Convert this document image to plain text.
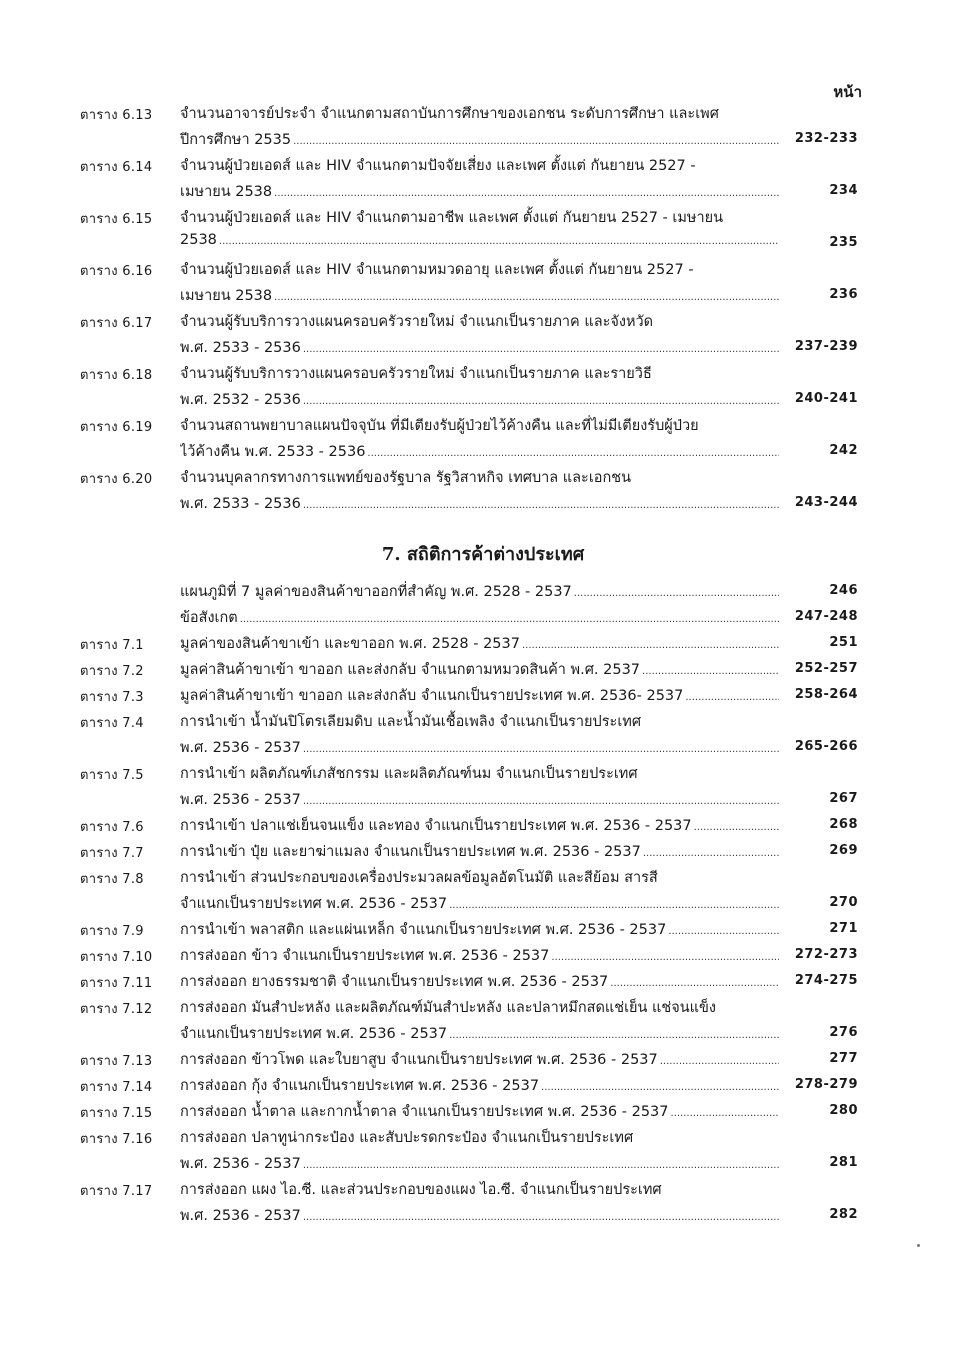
หน้า
ตาราง 6.13 จำนวนอาจารย์ประจำ จำแนกตามสถาบันการศึกษาของเอกชน ระดับการศึกษา และเพศ
ปีการศึกษา 2535 .....	232-233
ตาราง 6.14 จำนวนผู้ป่วยเอดส์ และ HIV จำแนกตามปัจจัยเสี่ยง และเพศ ตั้งแต่ กันยายน 2527 -
เมษายน 2538 .....	234
ตาราง 6.15 จำนวนผู้ป่วยเอดส์ และ HIV จำแนกตามอาชีพ และเพศ ตั้งแต่ กันยายน 2527 - เมษายน
2538 .....	235
ตาราง 6.16 จำนวนผู้ป่วยเอดส์ และ HIV จำแนกตามหมวดอายุ และเพศ ตั้งแต่ กันยายน 2527 -
เมษายน 2538 .....	236
ตาราง 6.17 จำนวนผู้รับบริการวางแผนครอบครัวรายใหม่ จำแนกเป็นรายภาค และจังหวัด
พ.ศ. 2533 - 2536 .....	237-239
ตาราง 6.18 จำนวนผู้รับบริการวางแผนครอบครัวรายใหม่ จำแนกเป็นรายภาค และรายวิธี
พ.ศ. 2532 - 2536 .....	240-241
ตาราง 6.19 จำนวนสถานพยาบาลแผนปัจจุบัน ที่มีเตียงรับผู้ป่วยไว้ค้างคืน และที่ไม่มีเตียงรับผู้ป่วย
ไว้ค้างคืน พ.ศ. 2533 - 2536 .....	242
ตาราง 6.20 จำนวนบุคลากรทางการแพทย์ของรัฐบาล รัฐวิสาหกิจ เทศบาล และเอกชน
พ.ศ. 2533 - 2536 .....	243-244
7. สถิติการค้าต่างประเทศ
แผนภูมิที่ 7 มูลค่าของสินค้าขาออกที่สำคัญ พ.ศ. 2528 - 2537 .....	246
ข้อสังเกต .....	247-248
ตาราง 7.1 มูลค่าของสินค้าขาเข้า และขาออก พ.ศ. 2528 - 2537 .....	251
ตาราง 7.2 มูลค่าสินค้าขาเข้า ขาออก และส่งกลับ จำแนกตามหมวดสินค้า พ.ศ. 2537 .....	252-257
ตาราง 7.3 มูลค่าสินค้าขาเข้า ขาออก และส่งกลับ จำแนกเป็นรายประเทศ พ.ศ. 2536- 2537 .....	258-264
ตาราง 7.4 การนำเข้า น้ำมันปิโตรเลียมดิบ และน้ำมันเชื้อเพลิง จำแนกเป็นรายประเทศ
พ.ศ. 2536 - 2537 .....	265-266
ตาราง 7.5 การนำเข้า ผลิตภัณฑ์เภสัชกรรม และผลิตภัณฑ์นม จำแนกเป็นรายประเทศ
พ.ศ. 2536 - 2537 .....	267
ตาราง 7.6 การนำเข้า ปลาแช่เย็นจนแข็ง และทอง จำแนกเป็นรายประเทศ พ.ศ. 2536 - 2537 .....	268
ตาราง 7.7 การนำเข้า ปุ๋ย และยาฆ่าแมลง จำแนกเป็นรายประเทศ พ.ศ. 2536 - 2537 .....	269
ตาราง 7.8 การนำเข้า ส่วนประกอบของเครื่องประมวลผลข้อมูลอัตโนมัติ และสีย้อม สารสี
จำแนกเป็นรายประเทศ พ.ศ. 2536 - 2537 .....	270
ตาราง 7.9 การนำเข้า พลาสติก และแผ่นเหล็ก จำแนกเป็นรายประเทศ พ.ศ. 2536 - 2537 .....	271
ตาราง 7.10 การส่งออก ข้าว จำแนกเป็นรายประเทศ พ.ศ. 2536 - 2537 .....	272-273
ตาราง 7.11 การส่งออก ยางธรรมชาติ จำแนกเป็นรายประเทศ พ.ศ. 2536 - 2537 .....	274-275
ตาราง 7.12 การส่งออก มันสำปะหลัง และผลิตภัณฑ์มันสำปะหลัง และปลาหมึกสดแช่เย็น แช่จนแข็ง
จำแนกเป็นรายประเทศ พ.ศ. 2536 - 2537 .....	276
ตาราง 7.13 การส่งออก ข้าวโพด และใบยาสูบ จำแนกเป็นรายประเทศ พ.ศ. 2536 - 2537 .....	277
ตาราง 7.14 การส่งออก กุ้ง จำแนกเป็นรายประเทศ พ.ศ. 2536 - 2537 .....	278-279
ตาราง 7.15 การส่งออก น้ำตาล และกากน้ำตาล จำแนกเป็นรายประเทศ พ.ศ. 2536 - 2537 .....	280
ตาราง 7.16 การส่งออก ปลาทูน่ากระป๋อง และสับปะรดกระป๋อง จำแนกเป็นรายประเทศ
พ.ศ. 2536 - 2537 .....	281
ตาราง 7.17 การส่งออก แผง ไอ.ซี. และส่วนประกอบของแผง ไอ.ซี. จำแนกเป็นรายประเทศ
พ.ศ. 2536 - 2537 .....	282
